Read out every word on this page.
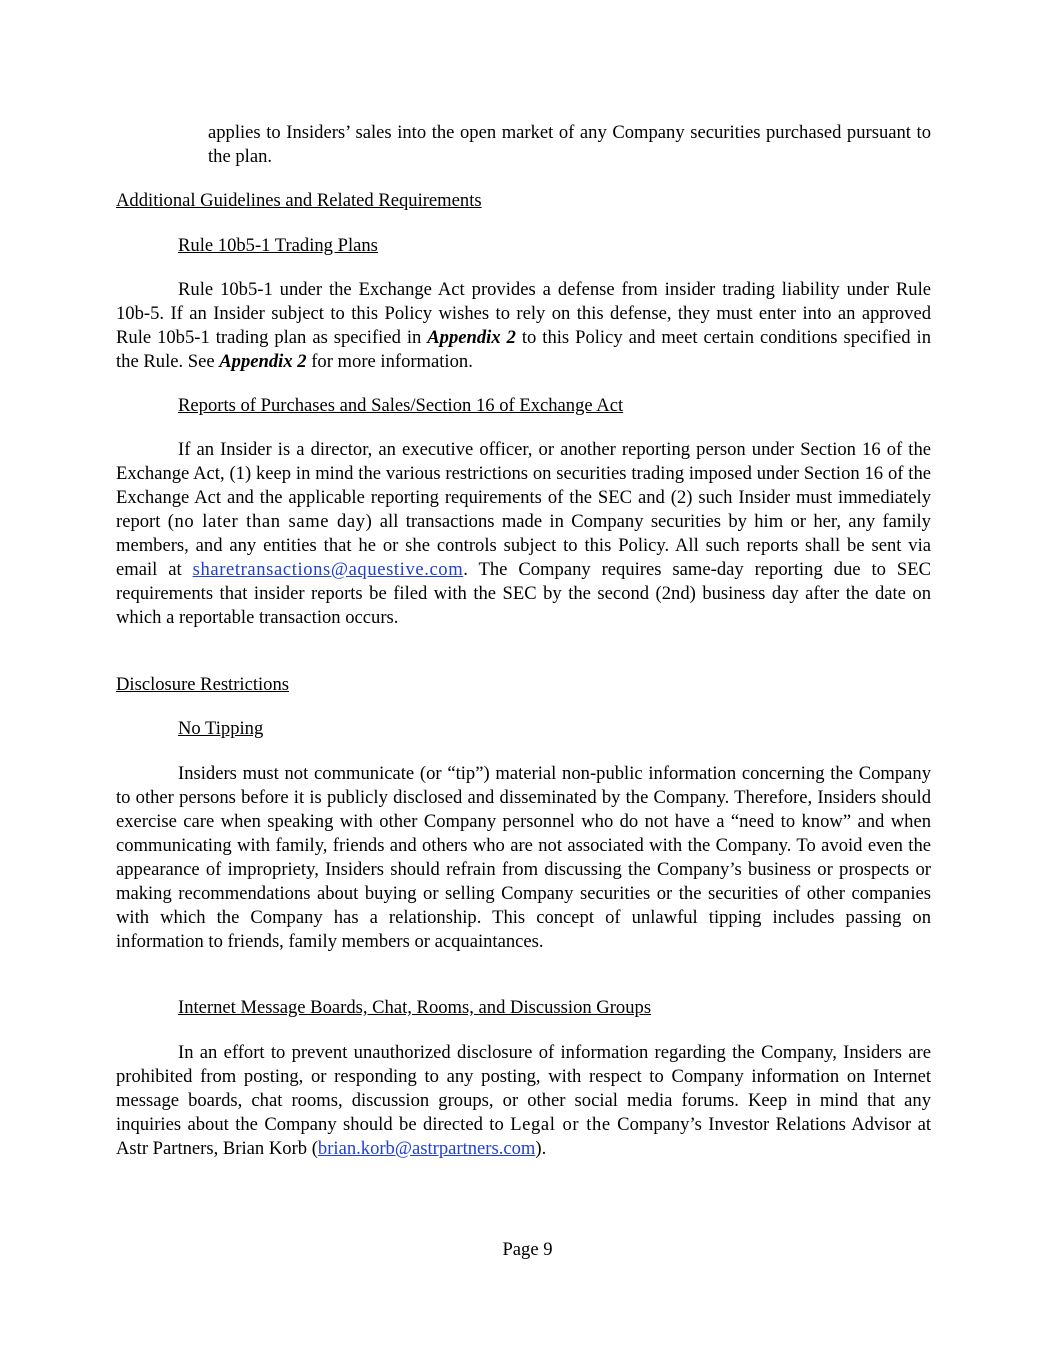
applies to Insiders’ sales into the open market of any Company securities purchased pursuant to the plan.

Additional Guidelines and Related Requirements

Rule 10b5-1 Trading Plans

Rule 10b5-1 under the Exchange Act provides a defense from insider trading liability under Rule 10b-5. If an Insider subject to this Policy wishes to rely on this defense, they must enter into an approved Rule 10b5-1 trading plan as specified in Appendix 2 to this Policy and meet certain conditions specified in the Rule. See Appendix 2 for more information.

Reports of Purchases and Sales/Section 16 of Exchange Act

If an Insider is a director, an executive officer, or another reporting person under Section 16 of the Exchange Act, (1) keep in mind the various restrictions on securities trading imposed under Section 16 of the Exchange Act and the applicable reporting requirements of the SEC and (2) such Insider must immediately report (no later than same day) all transactions made in Company securities by him or her, any family members, and any entities that he or she controls subject to this Policy. All such reports shall be sent via email at sharetransactions@aquestive.com. The Company requires same-day reporting due to SEC requirements that insider reports be filed with the SEC by the second (2nd) business day after the date on which a reportable transaction occurs.

Disclosure Restrictions

No Tipping

Insiders must not communicate (or “tip”) material non-public information concerning the Company to other persons before it is publicly disclosed and disseminated by the Company. Therefore, Insiders should exercise care when speaking with other Company personnel who do not have a “need to know” and when communicating with family, friends and others who are not associated with the Company. To avoid even the appearance of impropriety, Insiders should refrain from discussing the Company’s business or prospects or making recommendations about buying or selling Company securities or the securities of other companies with which the Company has a relationship. This concept of unlawful tipping includes passing on information to friends, family members or acquaintances.

Internet Message Boards, Chat, Rooms, and Discussion Groups

In an effort to prevent unauthorized disclosure of information regarding the Company, Insiders are prohibited from posting, or responding to any posting, with respect to Company information on Internet message boards, chat rooms, discussion groups, or other social media forums. Keep in mind that any inquiries about the Company should be directed to Legal or the Company’s Investor Relations Advisor at Astr Partners, Brian Korb (brian.korb@astrpartners.com).

Page 9
